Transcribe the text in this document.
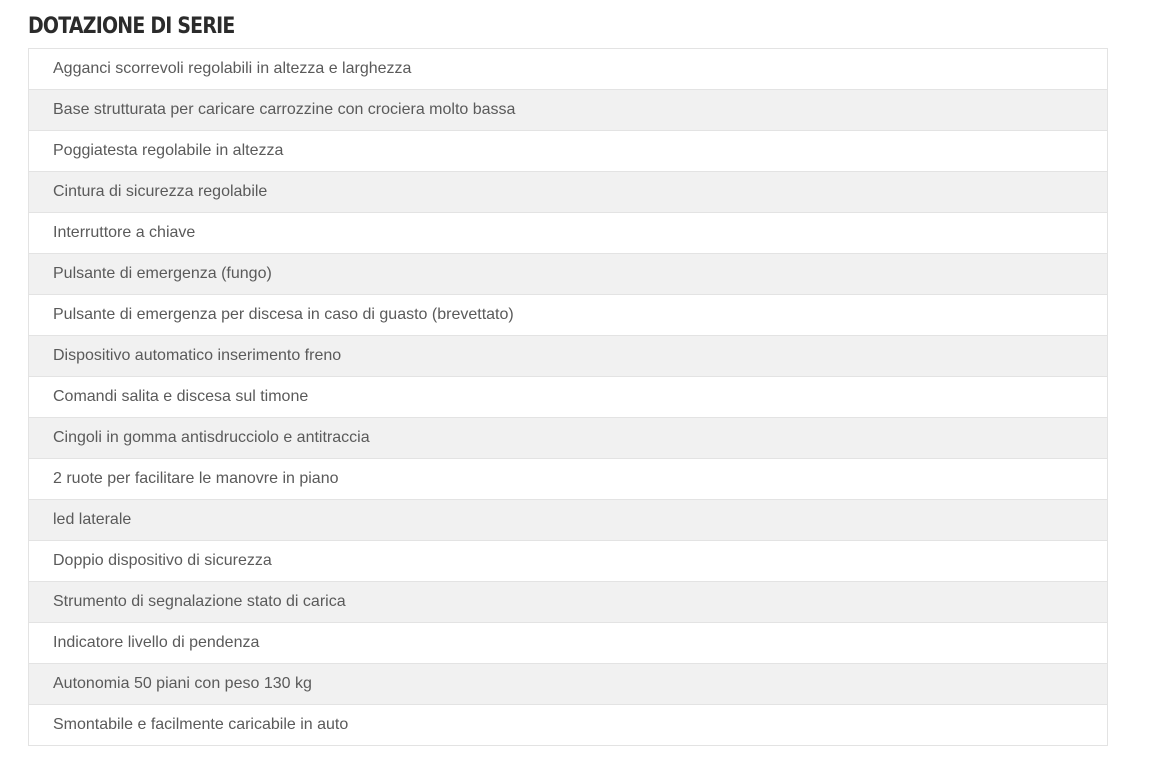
DOTAZIONE DI SERIE
Agganci scorrevoli regolabili in altezza e larghezza
Base strutturata per caricare carrozzine con crociera molto bassa
Poggiatesta regolabile in altezza
Cintura di sicurezza regolabile
Interruttore a chiave
Pulsante di emergenza (fungo)
Pulsante di emergenza per discesa in caso di guasto (brevettato)
Dispositivo automatico inserimento freno
Comandi salita e discesa sul timone
Cingoli in gomma antisdrucciolo e antitraccia
2 ruote per facilitare le manovre in piano
led laterale
Doppio dispositivo di sicurezza
Strumento di segnalazione stato di carica
Indicatore livello di pendenza
Autonomia 50 piani con peso 130 kg
Smontabile e facilmente caricabile in auto
